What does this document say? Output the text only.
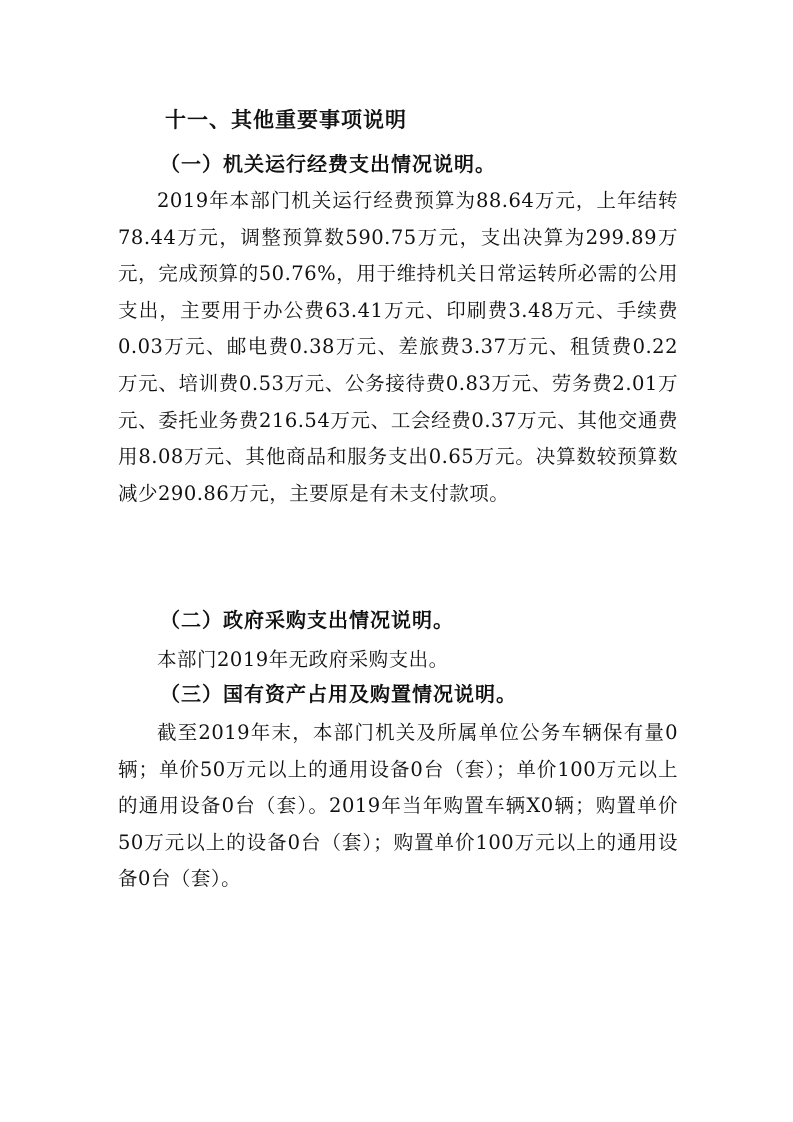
十一、其他重要事项说明
（一）机关运行经费支出情况说明。

2019年本部门机关运行经费预算为88.64万元，上年结转78.44万元，调整预算数590.75万元，支出决算为299.89万元，完成预算的50.76%，用于维持机关日常运转所必需的公用支出，主要用于办公费63.41万元、印刷费3.48万元、手续费0.03万元、邮电费0.38万元、差旅费3.37万元、租赁费0.22万元、培训费0.53万元、公务接待费0.83万元、劳务费2.01万元、委托业务费216.54万元、工会经费0.37万元、其他交通费用8.08万元、其他商品和服务支出0.65万元。决算数较预算数减少290.86万元，主要原是有未支付款项。

（二）政府采购支出情况说明。

本部门2019年无政府采购支出。

（三）国有资产占用及购置情况说明。

截至2019年末，本部门机关及所属单位公务车辆保有量0辆；单价50万元以上的通用设备0台（套）；单价100万元以上的通用设备0台（套）。2019年当年购置车辆X0辆；购置单价50万元以上的设备0台（套）；购置单价100万元以上的通用设备0台（套）。
